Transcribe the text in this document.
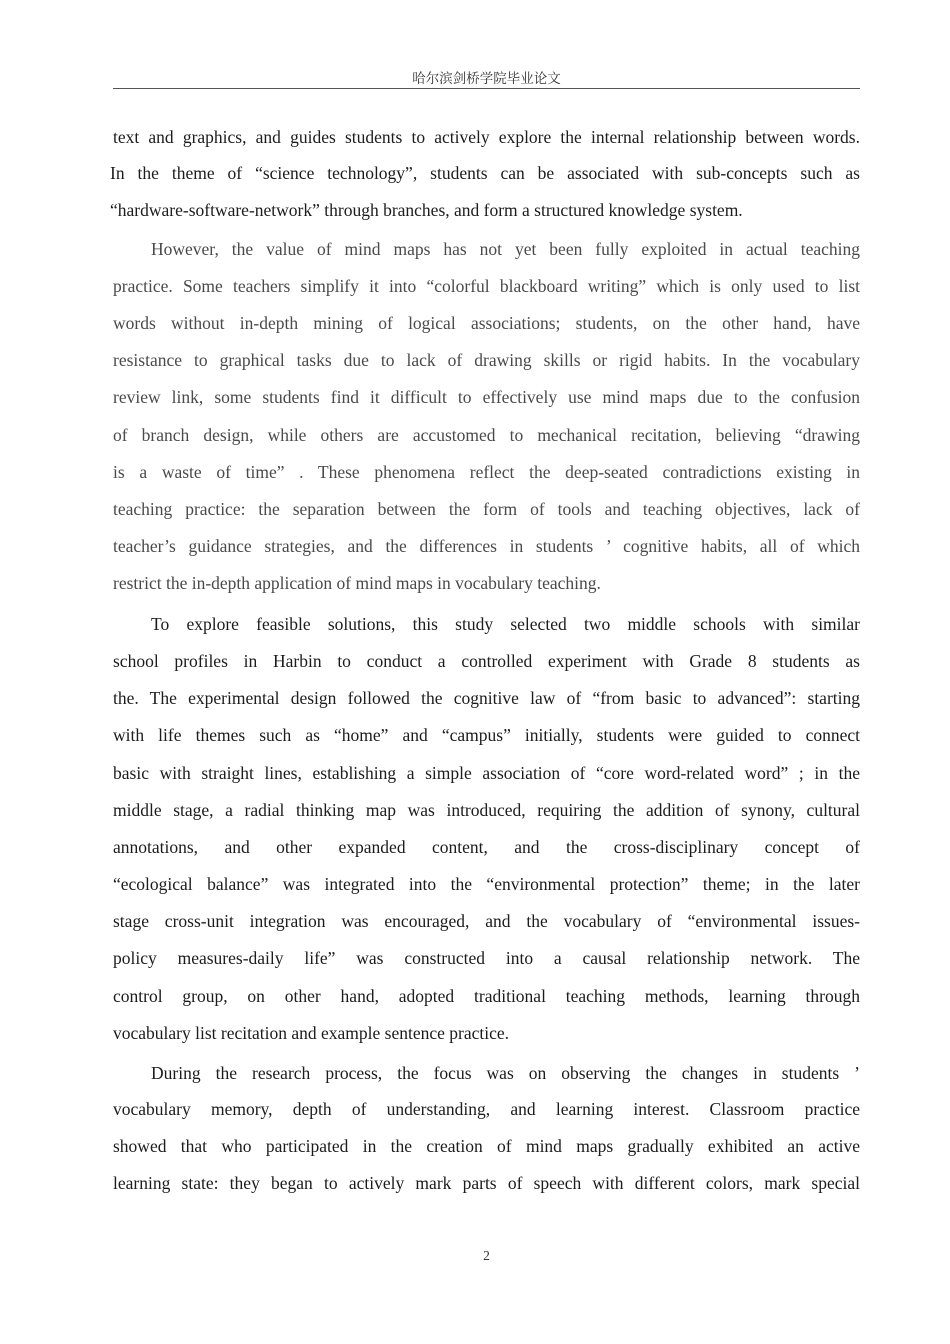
哈尔滨剑桥学院毕业论文
text and graphics, and guides students to actively explore the internal relationship between words.
In the theme of “science technology”, students can be associated with sub-concepts such as
“hardware-software-network” through branches, and form a structured knowledge system.
However, the value of mind maps has not yet been fully exploited in actual teaching
practice. Some teachers simplify it into “colorful blackboard writing” which is only used to list
words without in-depth mining of logical associations; students, on the other hand, have
resistance to graphical tasks due to lack of drawing skills or rigid habits. In the vocabulary
review link, some students find it difficult to effectively use mind maps due to the confusion
of branch design, while others are accustomed to mechanical recitation, believing “drawing
is a waste of time” . These phenomena reflect the deep-seated contradictions existing in
teaching practice: the separation between the form of tools and teaching objectives, lack of
teacher’s guidance strategies, and the differences in students ’ cognitive habits, all of which
restrict the in-depth application of mind maps in vocabulary teaching.
To explore feasible solutions, this study selected two middle schools with similar
school profiles in Harbin to conduct a controlled experiment with Grade 8 students as
the. The experimental design followed the cognitive law of “from basic to advanced”: starting
with life themes such as “home” and “campus” initially, students were guided to connect
basic with straight lines, establishing a simple association of “core word-related word” ; in the
middle stage, a radial thinking map was introduced, requiring the addition of synony, cultural
annotations, and other expanded content, and the cross-disciplinary concept of
“ecological balance” was integrated into the “environmental protection” theme; in the later
stage cross-unit integration was encouraged, and the vocabulary of “environmental issues-
policy measures-daily life” was constructed into a causal relationship network. The
control group, on other hand, adopted traditional teaching methods, learning through
vocabulary list recitation and example sentence practice.
During the research process, the focus was on observing the changes in students ’
vocabulary memory, depth of understanding, and learning interest. Classroom practice
showed that who participated in the creation of mind maps gradually exhibited an active
learning state: they began to actively mark parts of speech with different colors, mark special
2
